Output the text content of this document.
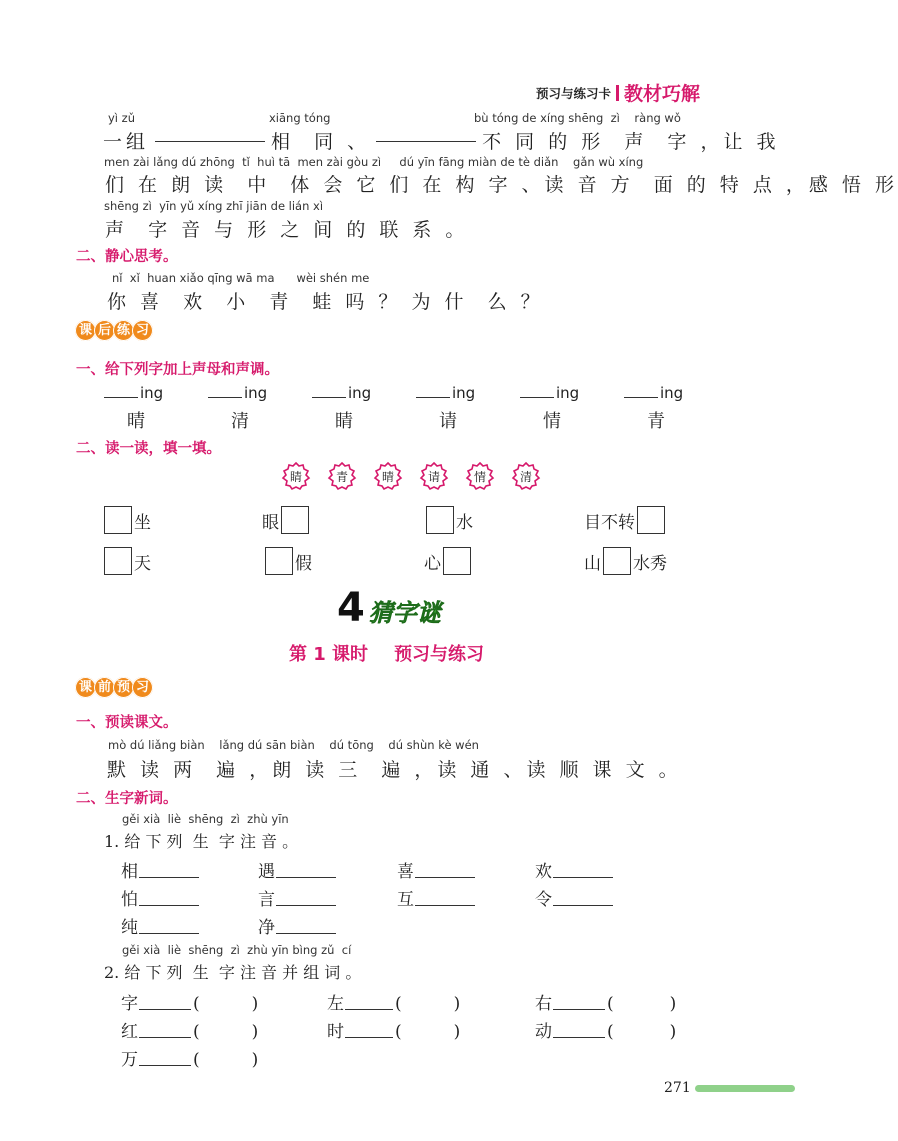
预习与练习卡 教材巧解
yì zǔ	xiāng tóng	bù tóng de xíng shēng  zì    ràng wǒ
一组	相  同 、	不 同 的 形  声  字 ，让 我
men zài lǎng dú zhōng  tǐ  huì tā  men zài gòu zì     dú yīn fāng miàn de tè diǎn    gǎn wù xíng
们 在 朗 读  中  体 会 它 们 在 构 字 、读 音 方  面 的 特 点 ，感 悟 形
shēng zì  yīn yǔ xíng zhī jiān de lián xì
声  字 音 与 形 之 间 的 联 系 。
二、静心思考。
nǐ  xǐ  huan xiǎo qīng wā ma      wèi shén me
你 喜  欢  小  青  蛙 吗 ？ 为 什  么 ？
课 后 练 习
一、给下列字加上声母和声调。
ing	ing	ing	ing	ing	ing
晴	清	睛	请	情	青
二、读一读，填一填。
睛	青	晴	请	情	清
坐	眼	水	目不转
天	假	心	山 水秀
4 猜字谜
第 1 课时 预习与练习
课 前 预 习
一、预读课文。
mò dú liǎng biàn    lǎng dú sān biàn    dú tōng    dú shùn kè wén
默 读 两  遍 ，朗 读 三  遍 ，读 通 、读 顺 课 文 。
二、生字新词。
gěi xià  liè  shēng  zì  zhù yīn
1. 给 下 列  生  字 注 音 。
相	遇	喜	欢
怕	言	互	令
纯	净
gěi xià  liè  shēng  zì  zhù yīn bìng zǔ  cí
2. 给 下 列  生  字 注 音 并 组 词 。
字	(	)	左	(	)	右	(	)
红	(	)	时	(	)	动	(	)
万	(	)
271
